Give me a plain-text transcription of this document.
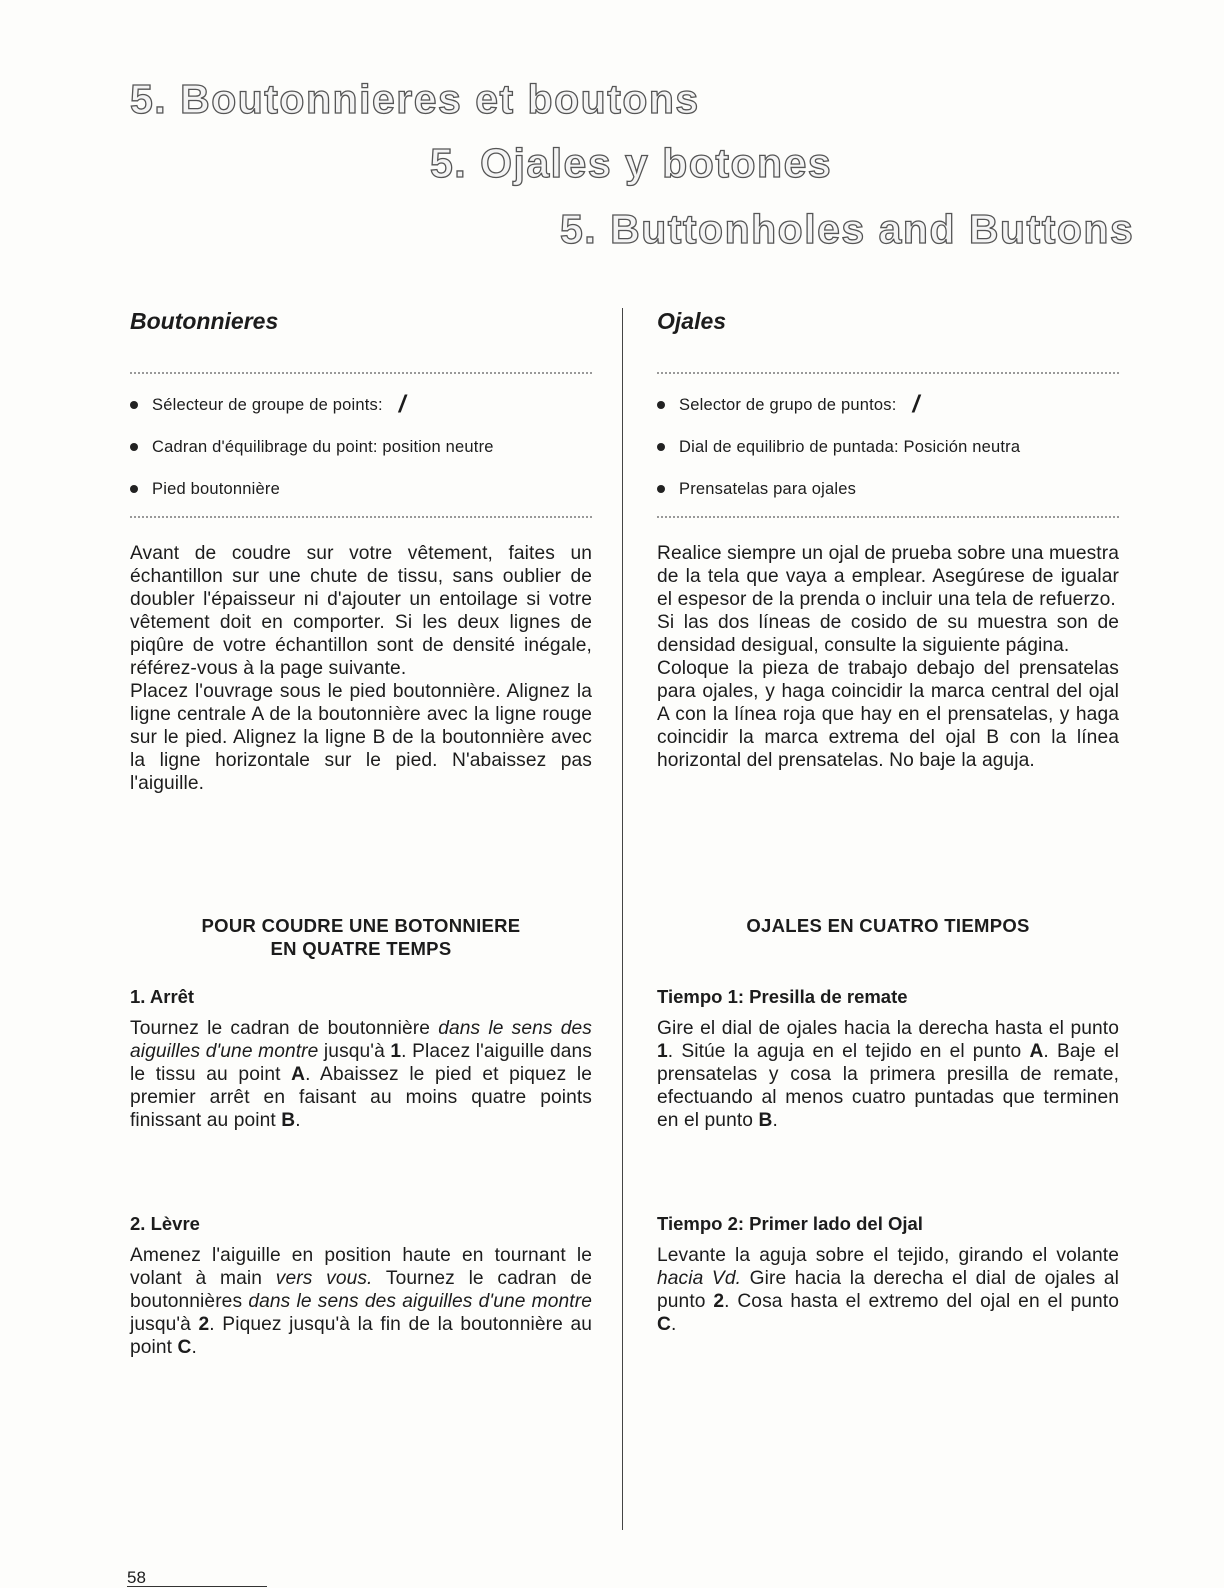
5. Boutonnieres et boutons
5. Ojales y botones
5. Buttonholes and Buttons
Boutonnieres
Sélecteur de groupe de points: /
Cadran d'équilibrage du point: position neutre
Pied boutonnière

Avant de coudre sur votre vêtement, faites un échantillon sur une chute de tissu, sans oublier de doubler l'épaisseur ni d'ajouter un entoilage si votre vêtement doit en comporter. Si les deux lignes de piqûre de votre échantillon sont de densité inégale, référez-vous à la page suivante.

Placez l'ouvrage sous le pied boutonnière. Alignez la ligne centrale A de la boutonnière avec la ligne rouge sur le pied. Alignez la ligne B de la boutonnière avec la ligne horizontale sur le pied. N'abaissez pas l'aiguille.

POUR COUDRE UNE BOTONNIERE
EN QUATRE TEMPS
1. Arrêt

Tournez le cadran de boutonnière dans le sens des aiguilles d'une montre jusqu'à 1. Placez l'aiguille dans le tissu au point A. Abaissez le pied et piquez le premier arrêt en faisant au moins quatre points finissant au point B.

2. Lèvre

Amenez l'aiguille en position haute en tournant le volant à main vers vous. Tournez le cadran de boutonnières dans le sens des aiguilles d'une montre jusqu'à 2. Piquez jusqu'à la fin de la boutonnière au point C.

Ojales
Selector de grupo de puntos: /
Dial de equilibrio de puntada: Posición neutra
Prensatelas para ojales

Realice siempre un ojal de prueba sobre una muestra de la tela que vaya a emplear. Asegúrese de igualar el espesor de la prenda o incluir una tela de refuerzo.

Si las dos líneas de cosido de su muestra son de densidad desigual, consulte la siguiente página.

Coloque la pieza de trabajo debajo del prensatelas para ojales, y haga coincidir la marca central del ojal A con la línea roja que hay en el prensatelas, y haga coincidir la marca extrema del ojal B con la línea horizontal del prensatelas. No baje la aguja.

OJALES EN CUATRO TIEMPOS
Tiempo 1: Presilla de remate

Gire el dial de ojales hacia la derecha hasta el punto 1. Sitúe la aguja en el tejido en el punto A. Baje el prensatelas y cosa la primera presilla de remate, efectuando al menos cuatro puntadas que terminen en el punto B.

Tiempo 2: Primer lado del Ojal

Levante la aguja sobre el tejido, girando el volante hacia Vd. Gire hacia la derecha el dial de ojales al punto 2. Cosa hasta el extremo del ojal en el punto C.

58
